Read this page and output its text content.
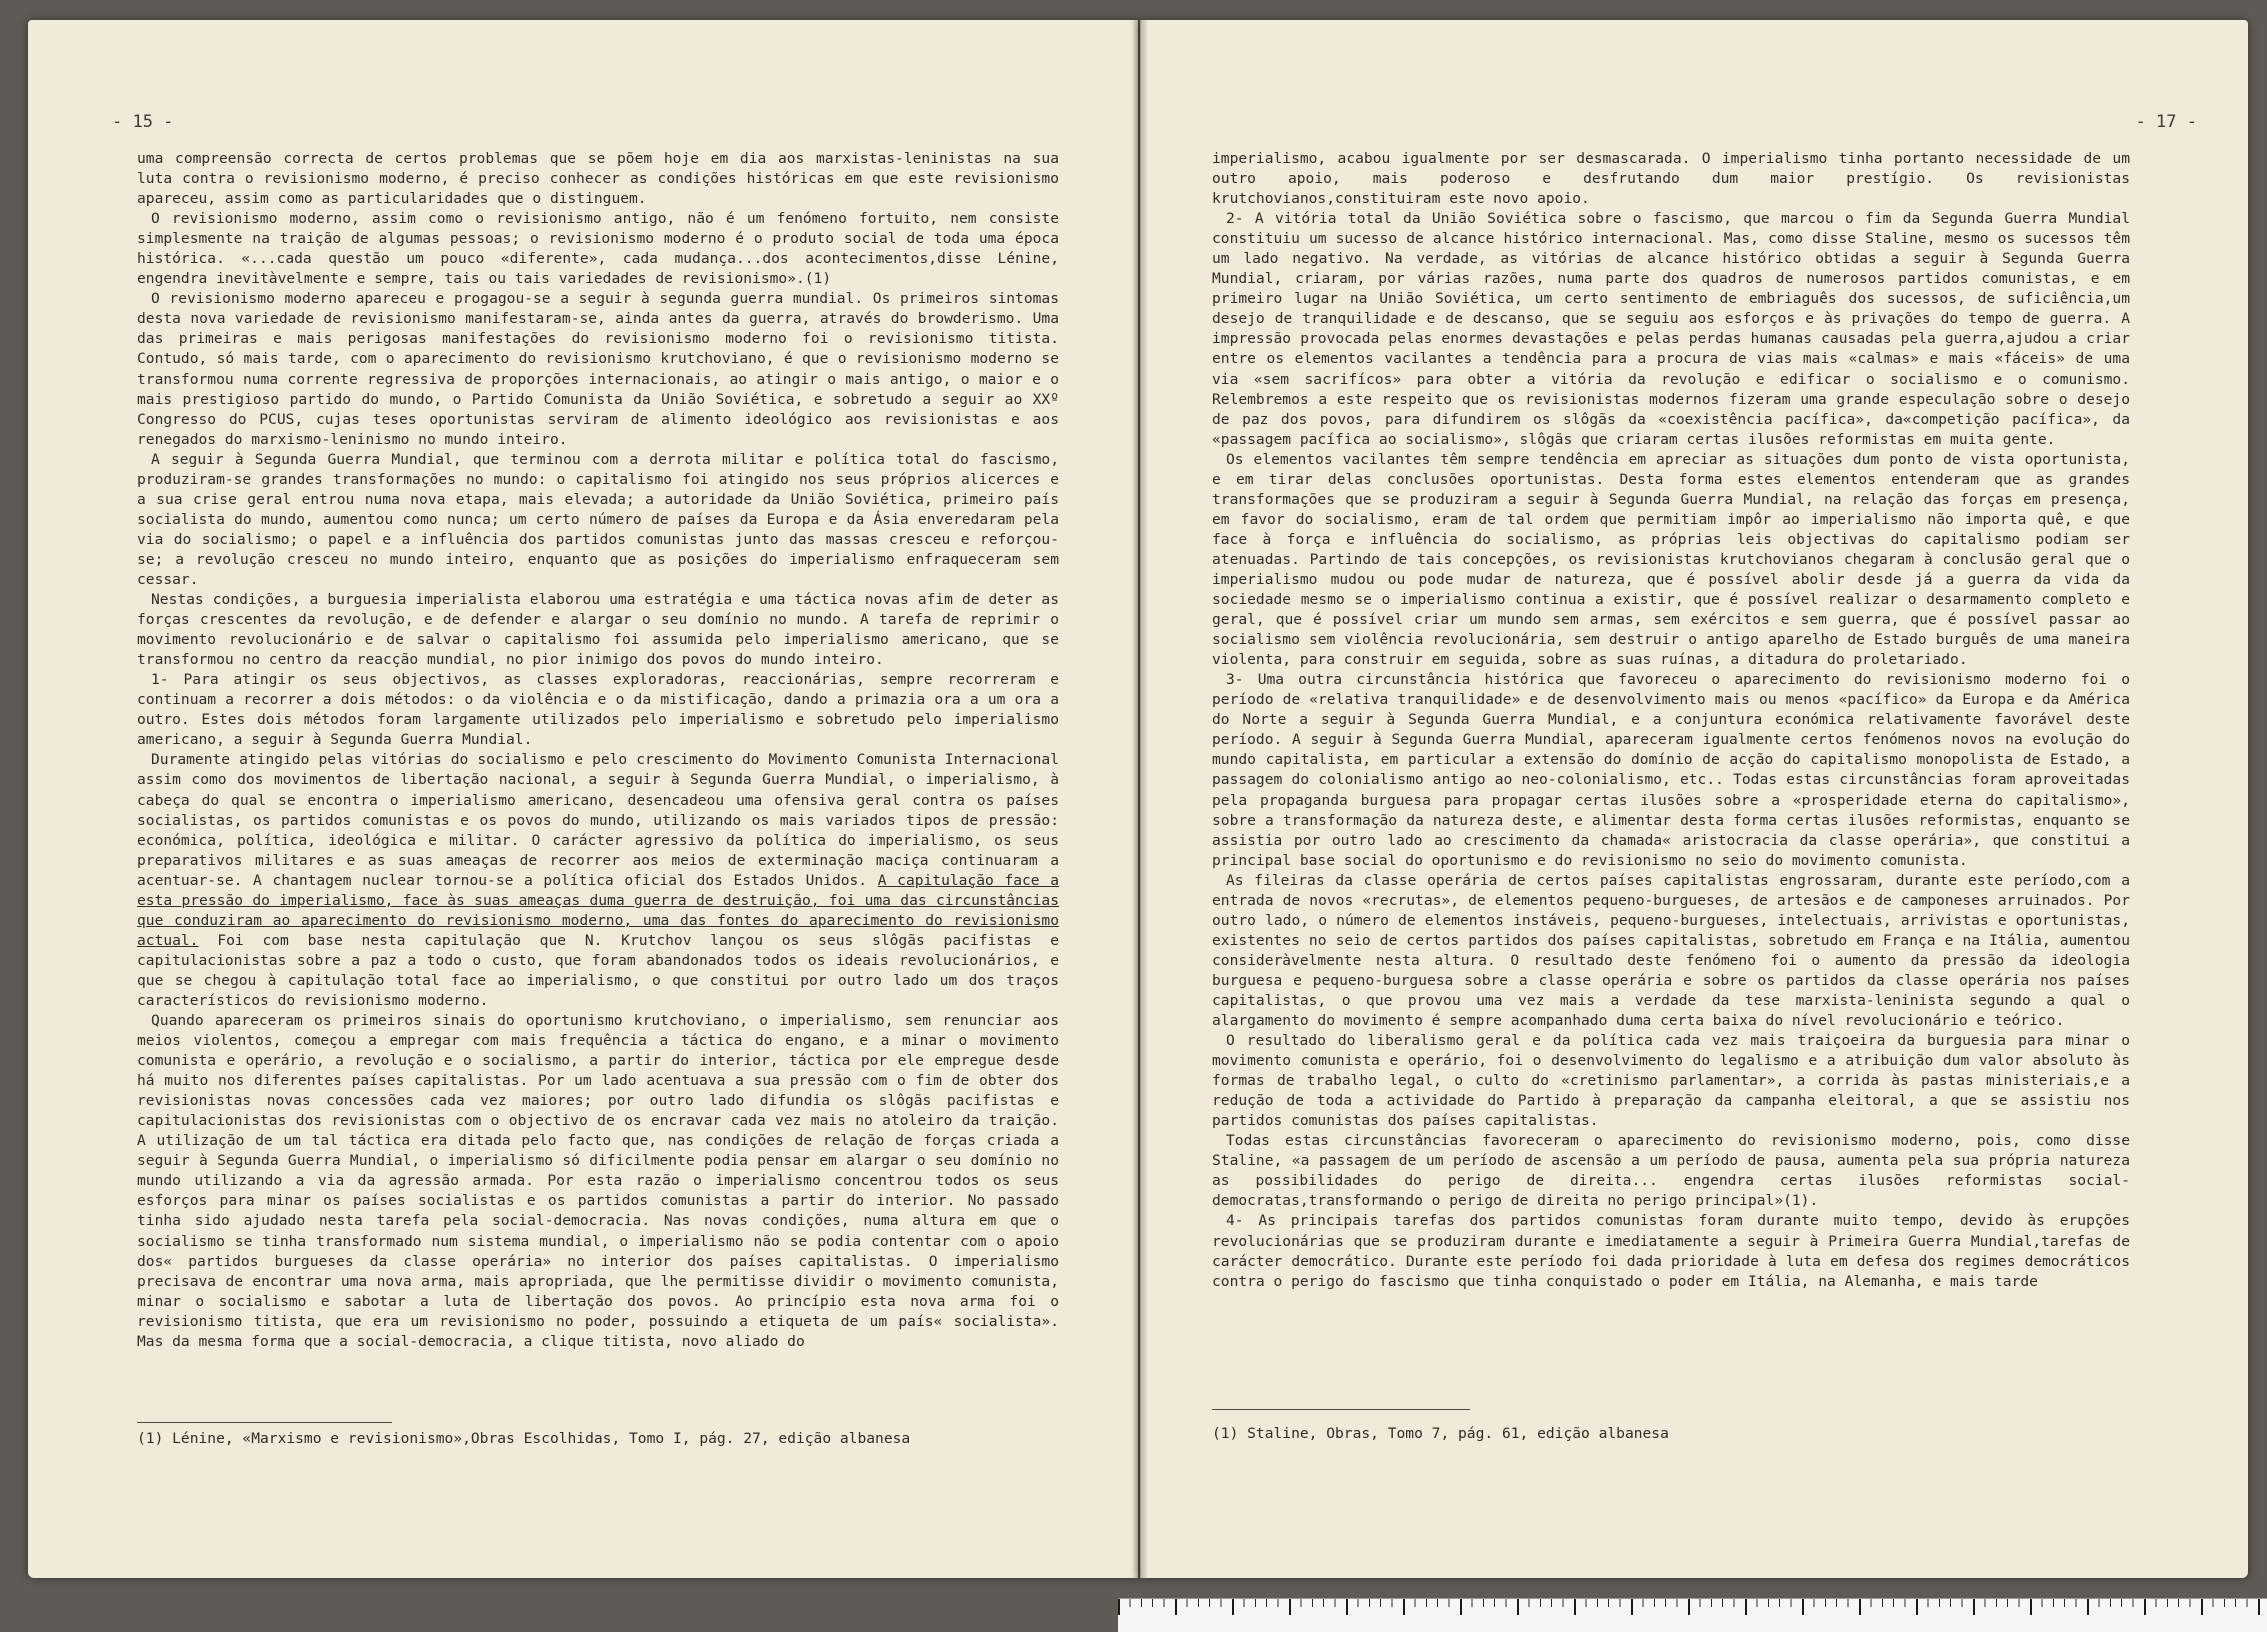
- 15 -	- 17 -

uma compreensão correcta de certos problemas que se põem hoje em dia aos marxistas-leninistas na sua luta contra o revisionismo moderno, é preciso conhecer as condições históricas em que este revisionismo apareceu, assim como as particularidades que o distinguem.

O revisionismo moderno, assim como o revisionismo antigo, não é um fenómeno fortuito, nem consiste simplesmente na traição de algumas pessoas; o revisionismo moderno é o produto social de toda uma época histórica. «...cada questão um pouco «diferente», cada mudança...dos acontecimentos,disse Lénine, engendra inevitàvelmente e sempre, tais ou tais variedades de revisionismo».(1)

O revisionismo moderno apareceu e progagou-se a seguir à segunda guerra mundial. Os primeiros sintomas desta nova variedade de revisionismo manifestaram-se, ainda antes da guerra, através do browderismo. Uma das primeiras e mais perigosas manifestações do revisionismo moderno foi o revisionismo titista. Contudo, só mais tarde, com o aparecimento do revisionismo krutchoviano, é que o revisionismo moderno se transformou numa corrente regressiva de proporções internacionais, ao atingir o mais antigo, o maior e o mais prestigioso partido do mundo, o Partido Comunista da União Soviética, e sobretudo a seguir ao XXº Congresso do PCUS, cujas teses oportunistas serviram de alimento ideológico aos revisionistas e aos renegados do marxismo-leninismo no mundo inteiro.

A seguir à Segunda Guerra Mundial, que terminou com a derrota militar e política total do fascismo, produziram-se grandes transformações no mundo: o capitalismo foi atingido nos seus próprios alicerces e a sua crise geral entrou numa nova etapa, mais elevada; a autoridade da União Soviética, primeiro país socialista do mundo, aumentou como nunca; um certo número de países da Europa e da Ásia enveredaram pela via do socialismo; o papel e a influência dos partidos comunistas junto das massas cresceu e reforçou-se; a revolução cresceu no mundo inteiro, enquanto que as posições do imperialismo enfraqueceram sem cessar.

Nestas condições, a burguesia imperialista elaborou uma estratégia e uma táctica novas afim de deter as forças crescentes da revolução, e de defender e alargar o seu domínio no mundo. A tarefa de reprimir o movimento revolucionário e de salvar o capitalismo foi assumida pelo imperialismo americano, que se transformou no centro da reacção mundial, no pior inimigo dos povos do mundo inteiro.

1- Para atingir os seus objectivos, as classes exploradoras, reaccionárias, sempre recorreram e continuam a recorrer a dois métodos: o da violência e o da mistificação, dando a primazia ora a um ora a outro. Estes dois métodos foram largamente utilizados pelo imperialismo e sobretudo pelo imperialismo americano, a seguir à Segunda Guerra Mundial.

Duramente atingido pelas vitórias do socialismo e pelo crescimento do Movimento Comunista Internacional assim como dos movimentos de libertação nacional, a seguir à Segunda Guerra Mundial, o imperialismo, à cabeça do qual se encontra o imperialismo americano, desencadeou uma ofensiva geral contra os países socialistas, os partidos comunistas e os povos do mundo, utilizando os mais variados tipos de pressão: económica, política, ideológica e militar. O carácter agressivo da política do imperialismo, os seus preparativos militares e as suas ameaças de recorrer aos meios de exterminação maciça continuaram a acentuar-se. A chantagem nuclear tornou-se a política oficial dos Estados Unidos. A capitulação face a esta pressão do imperialismo, face às suas ameaças duma guerra de destruição, foi uma das circunstâncias que conduziram ao aparecimento do revisionismo moderno, uma das fontes do aparecimento do revisionismo actual. Foi com base nesta capitulação que N. Krutchov lançou os seus slôgãs pacifistas e capitulacionistas sobre a paz a todo o custo, que foram abandonados todos os ideais revolucionários, e que se chegou à capitulação total face ao imperialismo, o que constitui por outro lado um dos traços característicos do revisionismo moderno.

Quando apareceram os primeiros sinais do oportunismo krutchoviano, o imperialismo, sem renunciar aos meios violentos, começou a empregar com mais frequência a táctica do engano, e a minar o movimento comunista e operário, a revolução e o socialismo, a partir do interior, táctica por ele empregue desde há muito nos diferentes países capitalistas. Por um lado acentuava a sua pressão com o fim de obter dos revisionistas novas concessões cada vez maiores; por outro lado difundia os slôgãs pacifistas e capitulacionistas dos revisionistas com o objectivo de os encravar cada vez mais no atoleiro da traição. A utilização de um tal táctica era ditada pelo facto que, nas condições de relação de forças criada a seguir à Segunda Guerra Mundial, o imperialismo só dificilmente podia pensar em alargar o seu domínio no mundo utilizando a via da agressão armada. Por esta razão o imperialismo concentrou todos os seus esforços para minar os países socialistas e os partidos comunistas a partir do interior. No passado tinha sido ajudado nesta tarefa pela social-democracia. Nas novas condições, numa altura em que o socialismo se tinha transformado num sistema mundial, o imperialismo não se podia contentar com o apoio dos« partidos burgueses da classe operária» no interior dos países capitalistas. O imperialismo precisava de encontrar uma nova arma, mais apropriada, que lhe permitisse dividir o movimento comunista, minar o socialismo e sabotar a luta de libertação dos povos. Ao princípio esta nova arma foi o revisionismo titista, que era um revisionismo no poder, possuindo a etiqueta de um país« socialista». Mas da mesma forma que a social-democracia, a clique titista, novo aliado do

imperialismo, acabou igualmente por ser desmascarada. O imperialismo tinha portanto necessidade de um outro apoio, mais poderoso e desfrutando dum maior prestígio. Os revisionistas krutchovianos,constituiram este novo apoio.

2- A vitória total da União Soviética sobre o fascismo, que marcou o fim da Segunda Guerra Mundial constituiu um sucesso de alcance histórico internacional. Mas, como disse Staline, mesmo os sucessos têm um lado negativo. Na verdade, as vitórias de alcance histórico obtidas a seguir à Segunda Guerra Mundial, criaram, por várias razões, numa parte dos quadros de numerosos partidos comunistas, e em primeiro lugar na União Soviética, um certo sentimento de embriaguês dos sucessos, de suficiência,um desejo de tranquilidade e de descanso, que se seguiu aos esforços e às privações do tempo de guerra. A impressão provocada pelas enormes devastações e pelas perdas humanas causadas pela guerra,ajudou a criar entre os elementos vacilantes a tendência para a procura de vias mais «calmas» e mais «fáceis» de uma via «sem sacrifícos» para obter a vitória da revolução e edificar o socialismo e o comunismo. Relembremos a este respeito que os revisionistas modernos fizeram uma grande especulação sobre o desejo de paz dos povos, para difundirem os slôgãs da «coexistência pacífica», da«competição pacífica», da «passagem pacífica ao socialismo», slôgãs que criaram certas ilusões reformistas em muita gente.

Os elementos vacilantes têm sempre tendência em apreciar as situações dum ponto de vista oportunista, e em tirar delas conclusões oportunistas. Desta forma estes elementos entenderam que as grandes transformações que se produziram a seguir à Segunda Guerra Mundial, na relação das forças em presença, em favor do socialismo, eram de tal ordem que permitiam impôr ao imperialismo não importa quê, e que face à força e influência do socialismo, as próprias leis objectivas do capitalismo podiam ser atenuadas. Partindo de tais concepções, os revisionistas krutchovianos chegaram à conclusão geral que o imperialismo mudou ou pode mudar de natureza, que é possível abolir desde já a guerra da vida da sociedade mesmo se o imperialismo continua a existir, que é possível realizar o desarmamento completo e geral, que é possível criar um mundo sem armas, sem exércitos e sem guerra, que é possível passar ao socialismo sem violência revolucionária, sem destruir o antigo aparelho de Estado burguês de uma maneira violenta, para construir em seguida, sobre as suas ruínas, a ditadura do proletariado.

3- Uma outra circunstância histórica que favoreceu o aparecimento do revisionismo moderno foi o período de «relativa tranquilidade» e de desenvolvimento mais ou menos «pacífico» da Europa e da América do Norte a seguir à Segunda Guerra Mundial, e a conjuntura económica relativamente favorável deste período. A seguir à Segunda Guerra Mundial, apareceram igualmente certos fenómenos novos na evolução do mundo capitalista, em particular a extensão do domínio de acção do capitalismo monopolista de Estado, a passagem do colonialismo antigo ao neo-colonialismo, etc.. Todas estas circunstâncias foram aproveitadas pela propaganda burguesa para propagar certas ilusões sobre a «prosperidade eterna do capitalismo», sobre a transformação da natureza deste, e alimentar desta forma certas ilusões reformistas, enquanto se assistia por outro lado ao crescimento da chamada« aristocracia da classe operária», que constitui a principal base social do oportunismo e do revisionismo no seio do movimento comunista.

As fileiras da classe operária de certos países capitalistas engrossaram, durante este período,com a entrada de novos «recrutas», de elementos pequeno-burgueses, de artesãos e de camponeses arruinados. Por outro lado, o número de elementos instáveis, pequeno-burgueses, intelectuais, arrivistas e oportunistas, existentes no seio de certos partidos dos países capitalistas, sobretudo em França e na Itália, aumentou consideràvelmente nesta altura. O resultado deste fenómeno foi o aumento da pressão da ideologia burguesa e pequeno-burguesa sobre a classe operária e sobre os partidos da classe operária nos países capitalistas, o que provou uma vez mais a verdade da tese marxista-leninista segundo a qual o alargamento do movimento é sempre acompanhado duma certa baixa do nível revolucionário e teórico.

O resultado do liberalismo geral e da política cada vez mais traiçoeira da burguesia para minar o movimento comunista e operário, foi o desenvolvimento do legalismo e a atribuição dum valor absoluto às formas de trabalho legal, o culto do «cretinismo parlamentar», a corrida às pastas ministeriais,e a redução de toda a actividade do Partido à preparação da campanha eleitoral, a que se assistiu nos partidos comunistas dos países capitalistas.

Todas estas circunstâncias favoreceram o aparecimento do revisionismo moderno, pois, como disse Staline, «a passagem de um período de ascensão a um período de pausa, aumenta pela sua própria natureza as possibilidades do perigo de direita... engendra certas ilusões reformistas social-democratas,transformando o perigo de direita no perigo principal»(1).

4- As principais tarefas dos partidos comunistas foram durante muito tempo, devido às erupções revolucionárias que se produziram durante e imediatamente a seguir à Primeira Guerra Mundial,tarefas de carácter democrático. Durante este período foi dada prioridade à luta em defesa dos regimes democráticos contra o perigo do fascismo que tinha conquistado o poder em Itália, na Alemanha, e mais tarde

(1) Lénine, «Marxismo e revisionismo»,Obras Escolhidas, Tomo I, pág. 27, edição albanesa	(1) Staline, Obras, Tomo 7, pág. 61, edição albanesa
